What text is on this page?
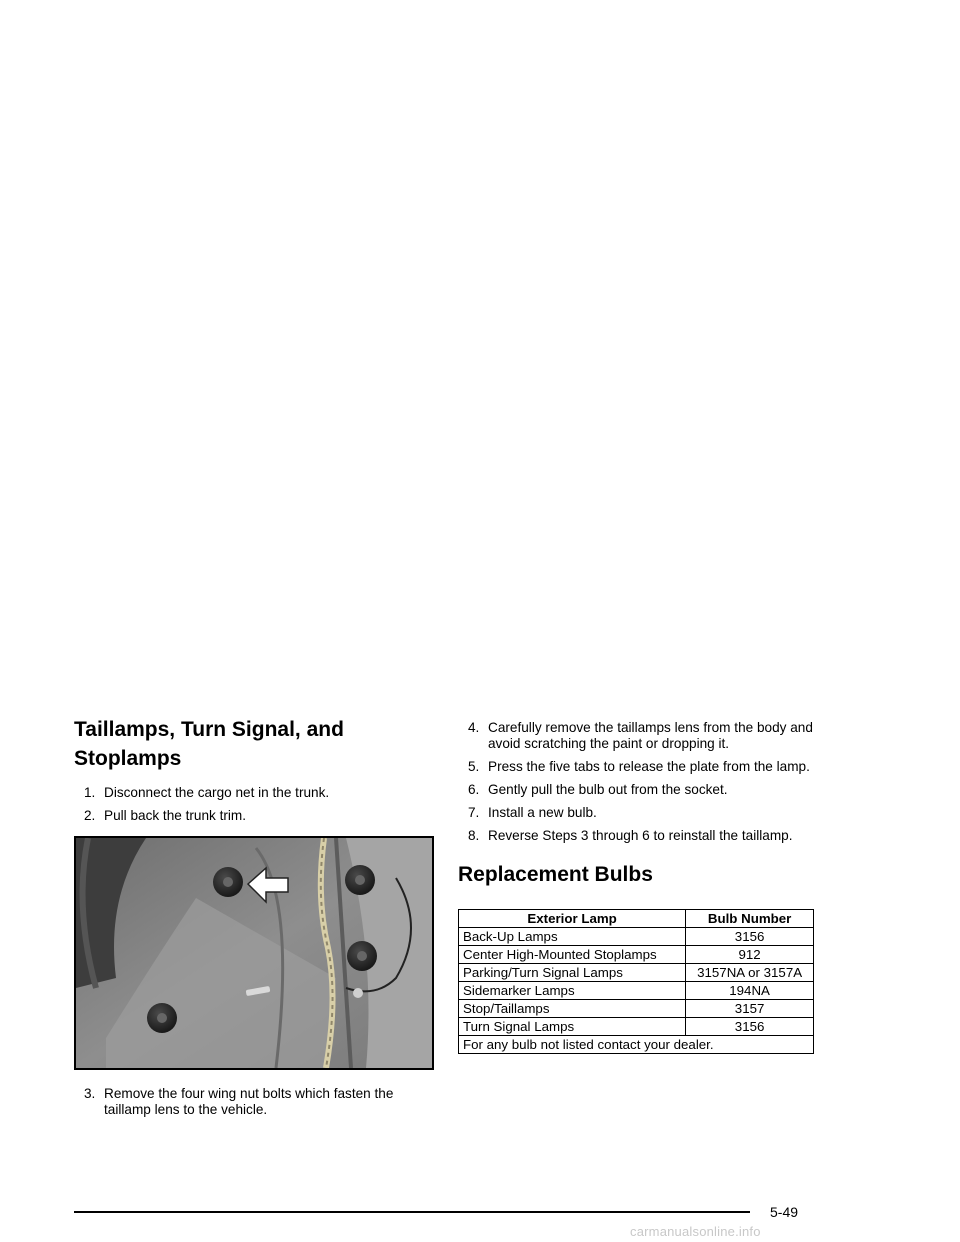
Taillamps, Turn Signal, and
Stoplamps
1. Disconnect the cargo net in the trunk.
2. Pull back the trunk trim.
3. Remove the four wing nut bolts which fasten the taillamp lens to the vehicle.
4. Carefully remove the taillamps lens from the body and avoid scratching the paint or dropping it.
5. Press the five tabs to release the plate from the lamp.
6. Gently pull the bulb out from the socket.
7. Install a new bulb.
8. Reverse Steps 3 through 6 to reinstall the taillamp.
Replacement Bulbs
Exterior Lamp	Bulb Number
Back-Up Lamps	3156
Center High-Mounted Stoplamps	912
Parking/Turn Signal Lamps	3157NA or 3157A
Sidemarker Lamps	194NA
Stop/Taillamps	3157
Turn Signal Lamps	3156
For any bulb not listed contact your dealer.	
5-49
carmanualsonline.info
